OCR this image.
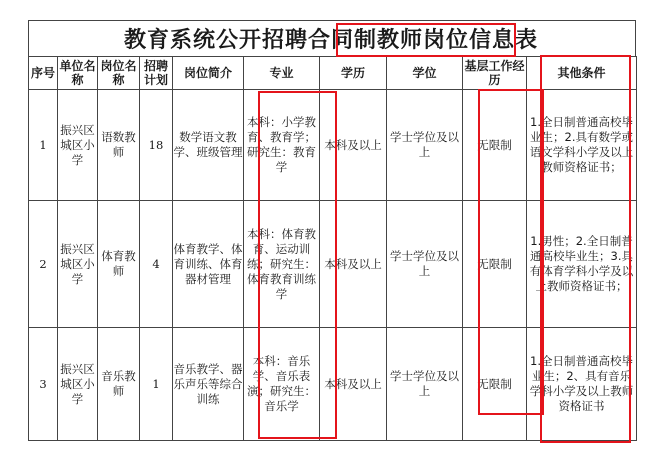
教育系统公开招聘合同制教师岗位信息表
序号	单位名称	岗位名称	招聘计划	岗位简介	专业	学历	学位	基层工作经历	其他条件
1	振兴区城区小学	语数教师	18	数学语文教学、班级管理	本科：小学教育、教育学；研究生：教育学	本科及以上	学士学位及以上	无限制	1.全日制普通高校毕业生；2.具有数学或语文学科小学及以上教师资格证书；
2	振兴区城区小学	体育教师	4	体育教学、体育训练、体育器材管理	本科：体育教育、运动训练；研究生：体育教育训练学	本科及以上	学士学位及以上	无限制	1.男性；2.全日制普通高校毕业生；3.具有体育学科小学及以上教师资格证书；
3	振兴区城区小学	音乐教师	1	音乐教学、器乐声乐等综合训练	本科：音乐学、音乐表演；研究生：音乐学	本科及以上	学士学位及以上	无限制	1.全日制普通高校毕业生；2、具有音乐学科小学及以上教师资格证书
